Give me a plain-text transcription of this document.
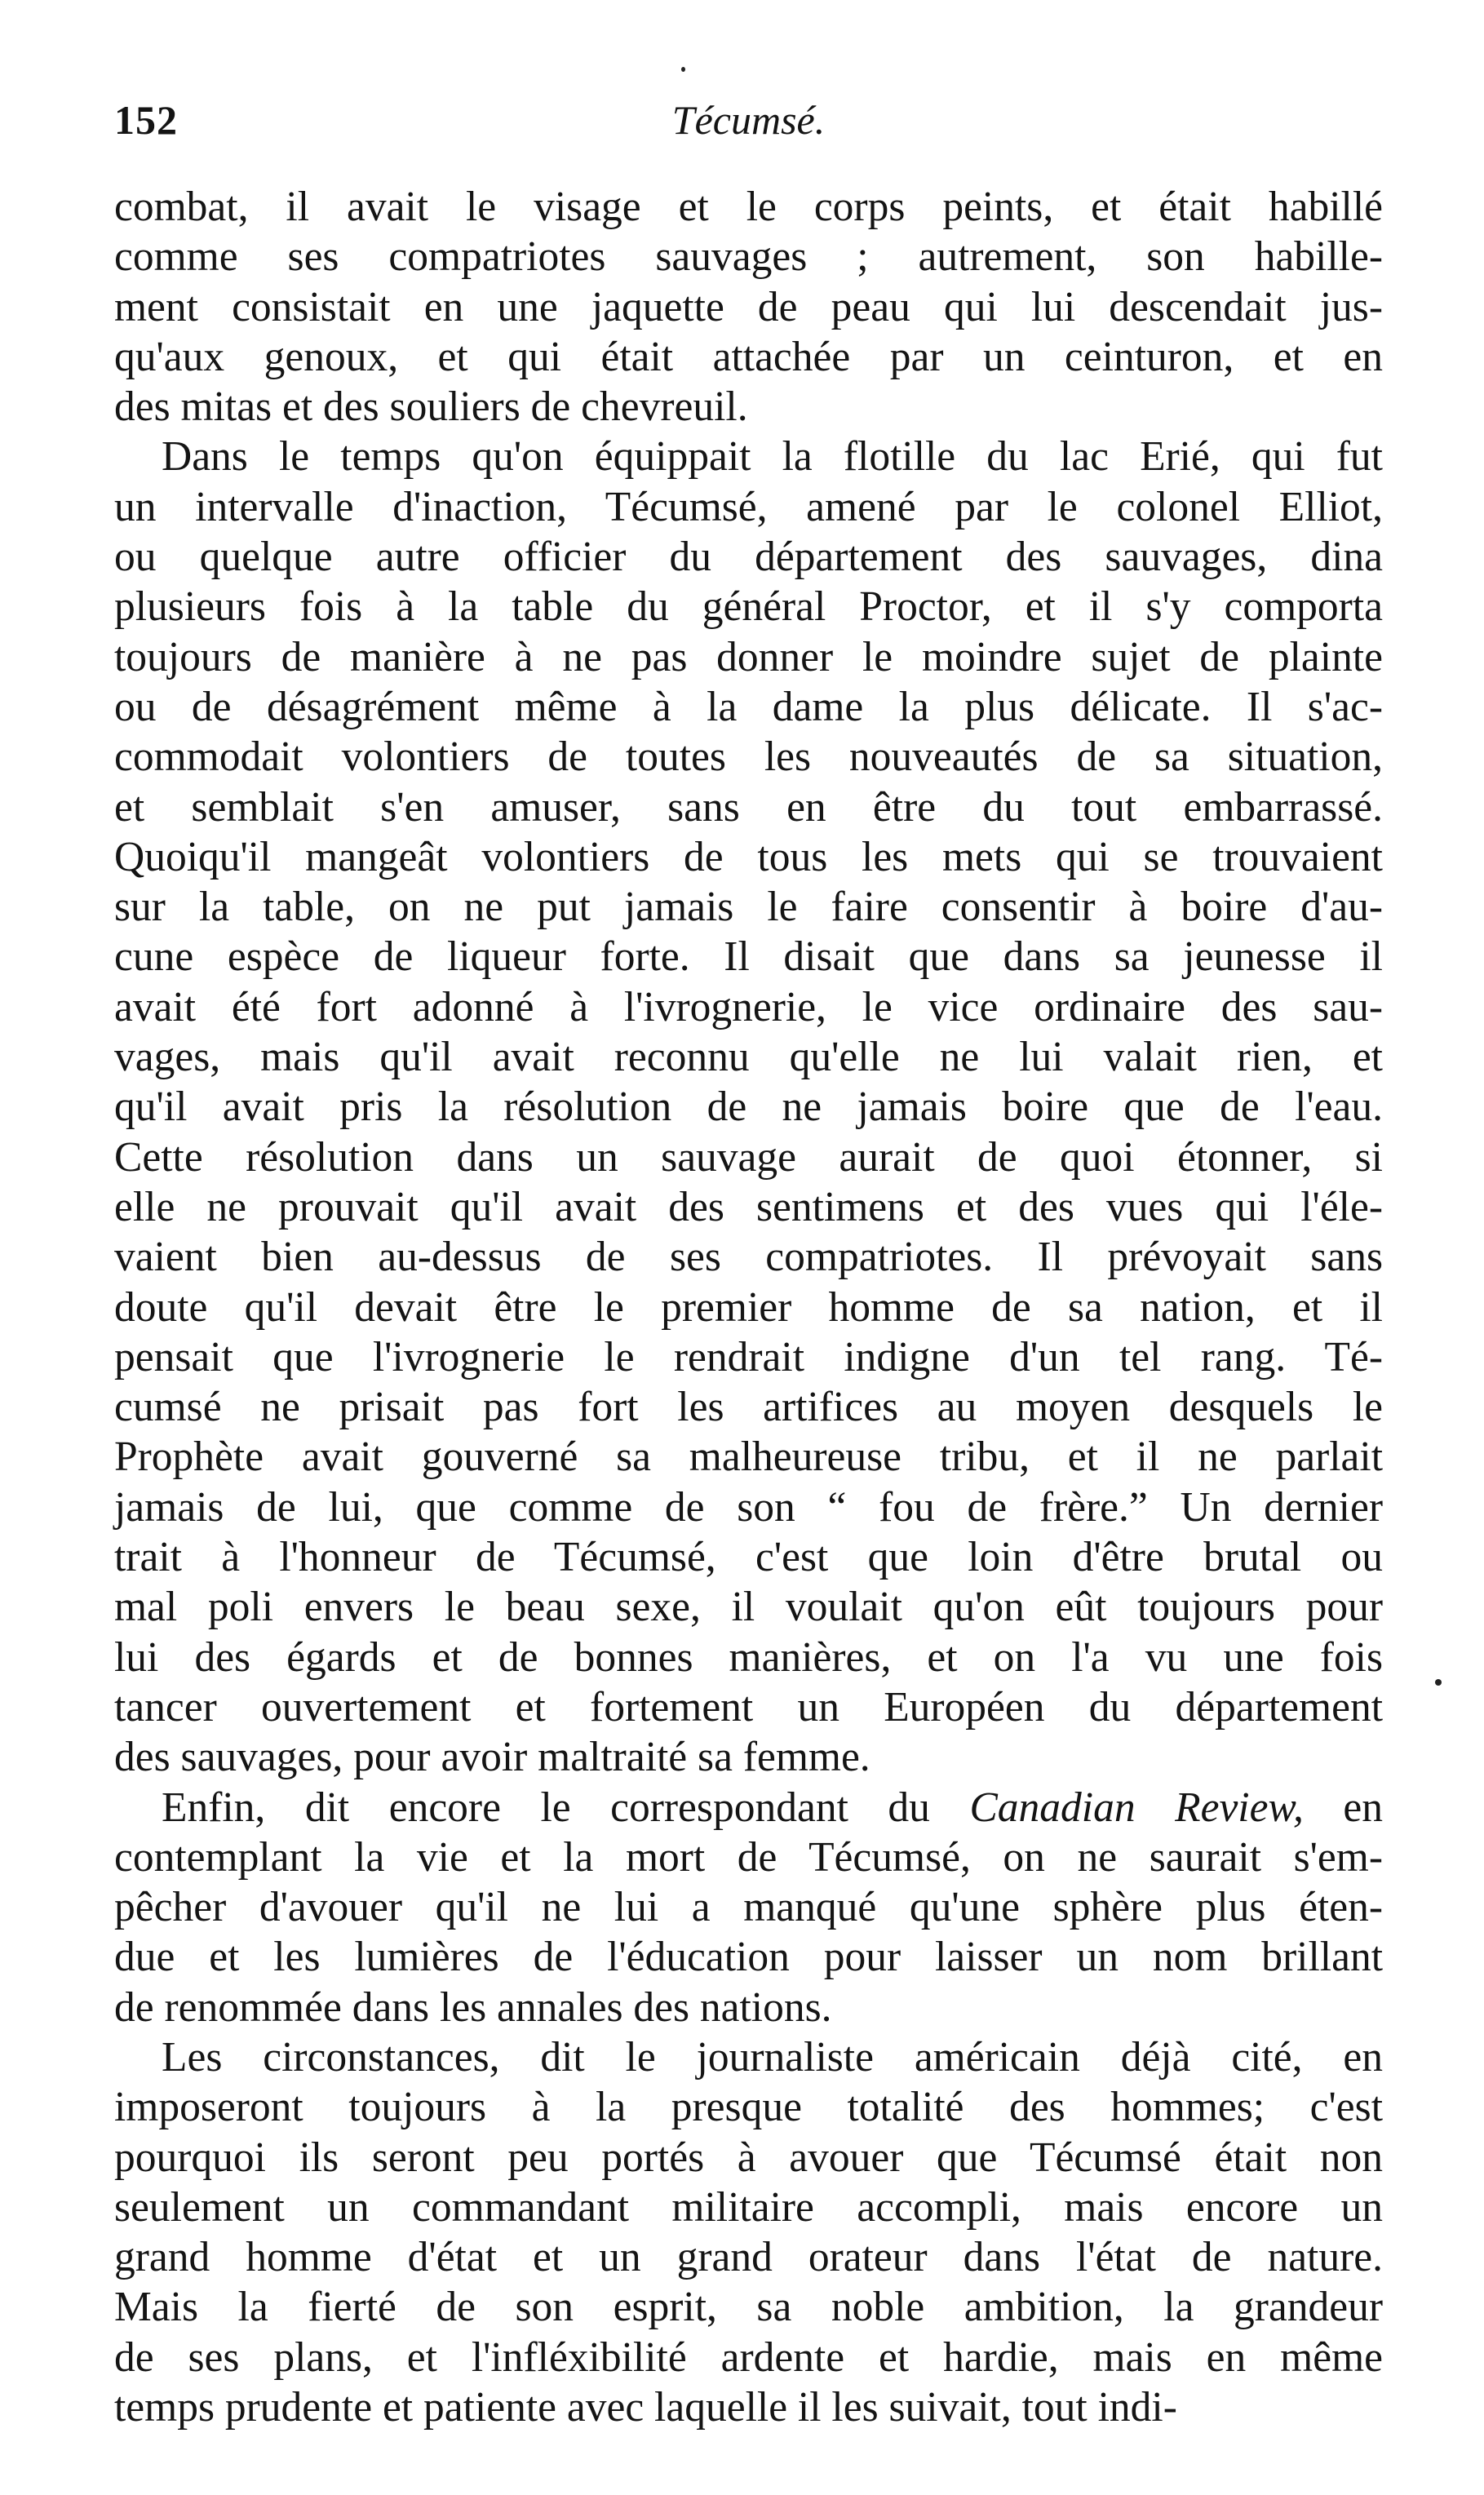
Técumsé.
152
combat, il avait le visage et le corps peints, et était habillé
comme ses compatriotes sauvages ; autrement, son habille-
ment consistait en une jaquette de peau qui lui descendait jus-
qu'aux genoux, et qui était attachée par un ceinturon, et en
des mitas et des souliers de chevreuil.
Dans le temps qu'on équippait la flotille du lac Erié, qui fut
un intervalle d'inaction, Técumsé, amené par le colonel Elliot,
ou quelque autre officier du département des sauvages, dina
plusieurs fois à la table du général Proctor, et il s'y comporta
toujours de manière à ne pas donner le moindre sujet de plainte
ou de désagrément même à la dame la plus délicate. Il s'ac-
commodait volontiers de toutes les nouveautés de sa situation,
et semblait s'en amuser, sans en être du tout embarrassé.
Quoiqu'il mangeât volontiers de tous les mets qui se trouvaient
sur la table, on ne put jamais le faire consentir à boire d'au-
cune espèce de liqueur forte. Il disait que dans sa jeunesse il
avait été fort adonné à l'ivrognerie, le vice ordinaire des sau-
vages, mais qu'il avait reconnu qu'elle ne lui valait rien, et
qu'il avait pris la résolution de ne jamais boire que de l'eau.
Cette résolution dans un sauvage aurait de quoi étonner, si
elle ne prouvait qu'il avait des sentimens et des vues qui l'éle-
vaient bien au-dessus de ses compatriotes. Il prévoyait sans
doute qu'il devait être le premier homme de sa nation, et il
pensait que l'ivrognerie le rendrait indigne d'un tel rang. Té-
cumsé ne prisait pas fort les artifices au moyen desquels le
Prophète avait gouverné sa malheureuse tribu, et il ne parlait
jamais de lui, que comme de son “ fou de frère.” Un dernier
trait à l'honneur de Técumsé, c'est que loin d'être brutal ou
mal poli envers le beau sexe, il voulait qu'on eût toujours pour
lui des égards et de bonnes manières, et on l'a vu une fois
tancer ouvertement et fortement un Européen du département
des sauvages, pour avoir maltraité sa femme.
Enfin, dit encore le correspondant du Canadian Review, en
contemplant la vie et la mort de Técumsé, on ne saurait s'em-
pêcher d'avouer qu'il ne lui a manqué qu'une sphère plus éten-
due et les lumières de l'éducation pour laisser un nom brillant
de renommée dans les annales des nations.
Les circonstances, dit le journaliste américain déjà cité, en
imposeront toujours à la presque totalité des hommes; c'est
pourquoi ils seront peu portés à avouer que Técumsé était non
seulement un commandant militaire accompli, mais encore un
grand homme d'état et un grand orateur dans l'état de nature.
Mais la fierté de son esprit, sa noble ambition, la grandeur
de ses plans, et l'infléxibilité ardente et hardie, mais en même
temps prudente et patiente avec laquelle il les suivait, tout indi-
